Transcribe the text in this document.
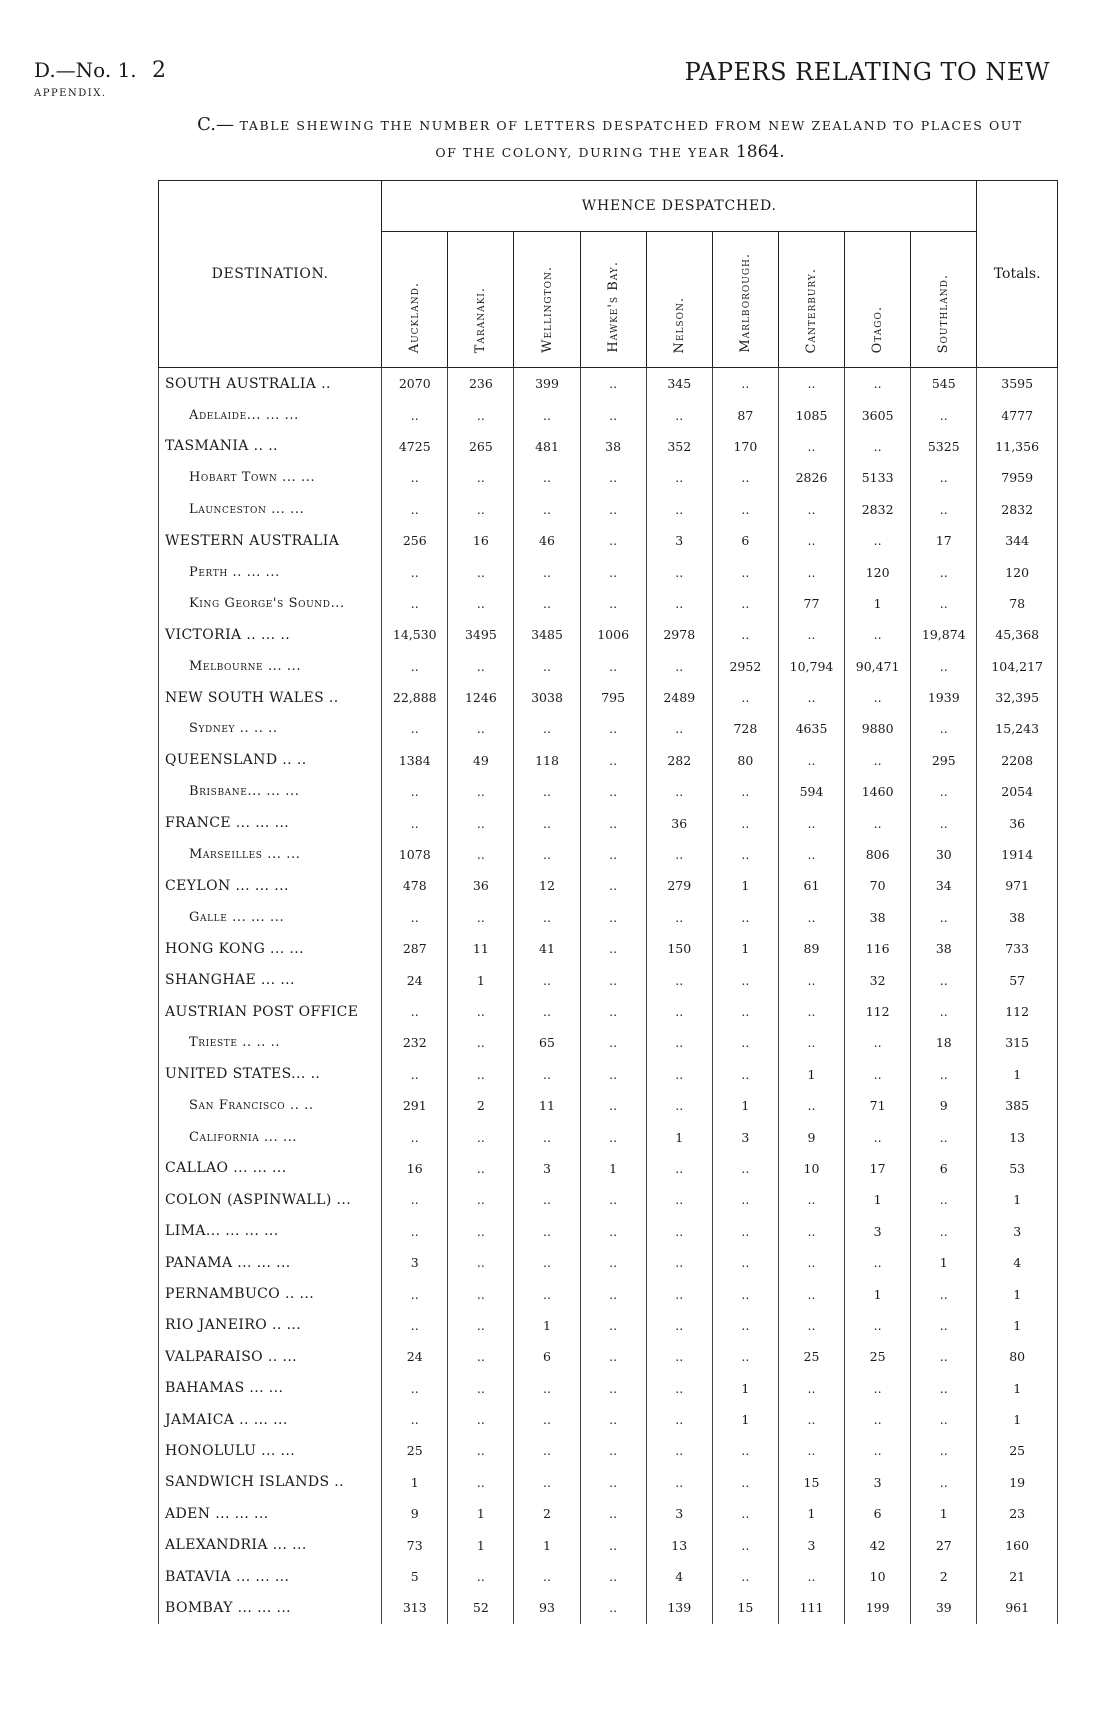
D.—No. 1.
APPENDIX.
2	PAPERS RELATING TO NEW
C.— TABLE SHEWING THE NUMBER OF LETTERS DESPATCHED FROM NEW ZEALAND TO PLACES OUT
OF THE COLONY, DURING THE YEAR 1864.
DESTINATION.	WHENCE DESPATCHED.									Totals.
	Auckland.	Taranaki.	Wellington.	Hawke's Bay.	Nelson.	Marlborough.	Canterbury.	Otago.	Southland.	
SOUTH AUSTRALIA ..	2070	236	399	..	345	..	..	..	545	3595
Adelaide... ... ...	..	..	..	..	..	87	1085	3605	..	4777
TASMANIA .. ..	4725	265	481	38	352	170	..	..	5325	11,356
Hobart Town ... ...	..	..	..	..	..	..	2826	5133	..	7959
Launceston ... ...	..	..	..	..	..	..	..	2832	..	2832
WESTERN AUSTRALIA	256	16	46	..	3	6	..	..	17	344
Perth .. ... ...	..	..	..	..	..	..	..	120	..	120
King George's Sound...	..	..	..	..	..	..	77	1	..	78
VICTORIA .. ... ..	14,530	3495	3485	1006	2978	..	..	..	19,874	45,368
Melbourne ... ...	..	..	..	..	..	2952	10,794	90,471	..	104,217
NEW SOUTH WALES ..	22,888	1246	3038	795	2489	..	..	..	1939	32,395
Sydney .. .. ..	..	..	..	..	..	728	4635	9880	..	15,243
QUEENSLAND .. ..	1384	49	118	..	282	80	..	..	295	2208
Brisbane... ... ...	..	..	..	..	..	..	594	1460	..	2054
FRANCE ... ... ...	..	..	..	..	36	..	..	..	..	36
Marseilles ... ...	1078	..	..	..	..	..	..	806	30	1914
CEYLON ... ... ...	478	36	12	..	279	1	61	70	34	971
Galle ... ... ...	..	..	..	..	..	..	..	38	..	38
HONG KONG ... ...	287	11	41	..	150	1	89	116	38	733
SHANGHAE ... ...	24	1	..	..	..	..	..	32	..	57
AUSTRIAN POST OFFICE	..	..	..	..	..	..	..	112	..	112
Trieste .. .. ..	232	..	65	..	..	..	..	..	18	315
UNITED STATES... ..	..	..	..	..	..	..	1	..	..	1
San Francisco .. ..	291	2	11	..	..	1	..	71	9	385
California ... ...	..	..	..	..	1	3	9	..	..	13
CALLAO ... ... ...	16	..	3	1	..	..	10	17	6	53
COLON (ASPINWALL) ...	..	..	..	..	..	..	..	1	..	1
LIMA... ... ... ...	..	..	..	..	..	..	..	3	..	3
PANAMA ... ... ...	3	..	..	..	..	..	..	..	1	4
PERNAMBUCO .. ...	..	..	..	..	..	..	..	1	..	1
RIO JANEIRO .. ...	..	..	1	..	..	..	..	..	..	1
VALPARAISO .. ...	24	..	6	..	..	..	25	25	..	80
BAHAMAS ... ...	..	..	..	..	..	1	..	..	..	1
JAMAICA .. ... ...	..	..	..	..	..	1	..	..	..	1
HONOLULU ... ...	25	..	..	..	..	..	..	..	..	25
SANDWICH ISLANDS ..	1	..	..	..	..	..	15	3	..	19
ADEN ... ... ...	9	1	2	..	3	..	1	6	1	23
ALEXANDRIA ... ...	73	1	1	..	13	..	3	42	27	160
BATAVIA ... ... ...	5	..	..	..	4	..	..	10	2	21
BOMBAY ... ... ...	313	52	93	..	139	15	111	199	39	961
